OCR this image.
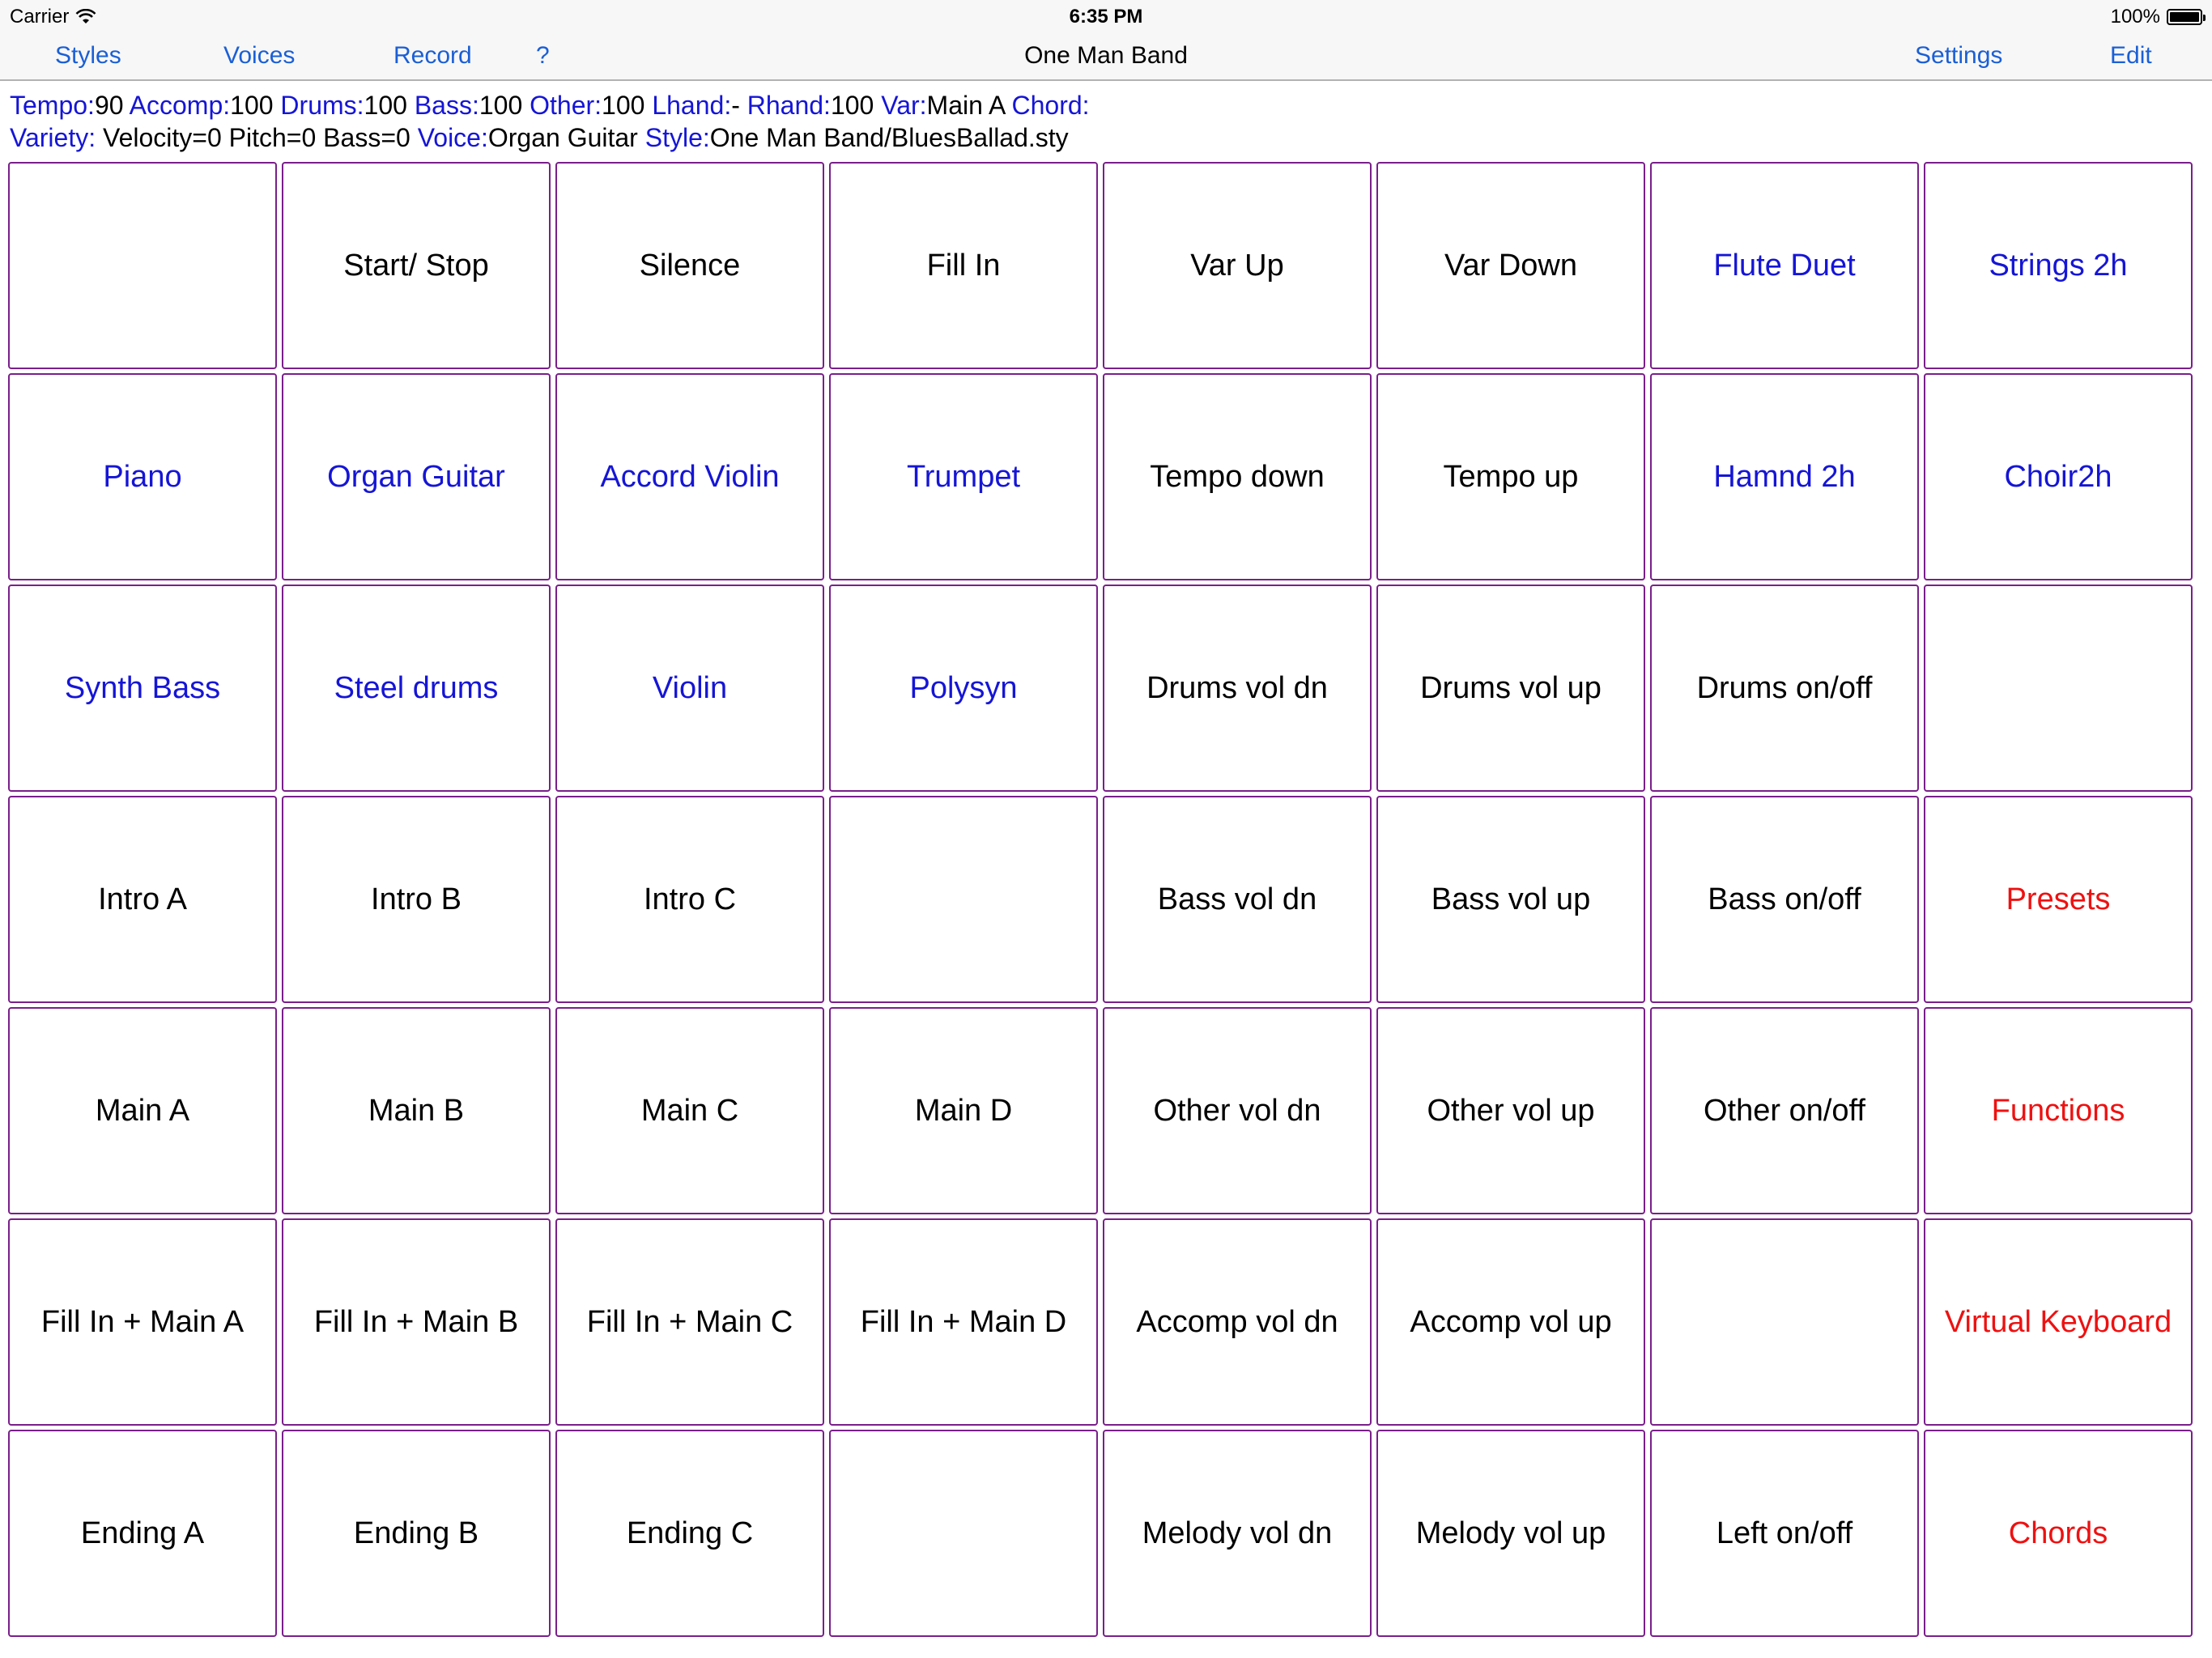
Carrier	6:35 PM	100%
Styles	Voices	Record	?	One Man Band	Settings	Edit
Tempo:90 Accomp:100 Drums:100 Bass:100 Other:100 Lhand:- Rhand:100 Var:Main A Chord:
Variety: Velocity=0 Pitch=0 Bass=0 Voice:Organ Guitar Style:One Man Band/BluesBallad.sty
Start/ Stop	Silence	Fill In	Var Up	Var Down	Flute Duet	Strings 2h
Piano	Organ Guitar	Accord Violin	Trumpet	Tempo down	Tempo up	Hamnd 2h	Choir2h
Synth Bass	Steel drums	Violin	Polysyn	Drums vol dn	Drums vol up	Drums on/off
Intro A	Intro B	Intro C	Bass vol dn	Bass vol up	Bass on/off	Presets
Main A	Main B	Main C	Main D	Other vol dn	Other vol up	Other on/off	Functions
Fill In + Main A	Fill In + Main B	Fill In + Main C	Fill In + Main D	Accomp vol dn	Accomp vol up	Virtual Keyboard
Ending A	Ending B	Ending C	Melody vol dn	Melody vol up	Left on/off	Chords
